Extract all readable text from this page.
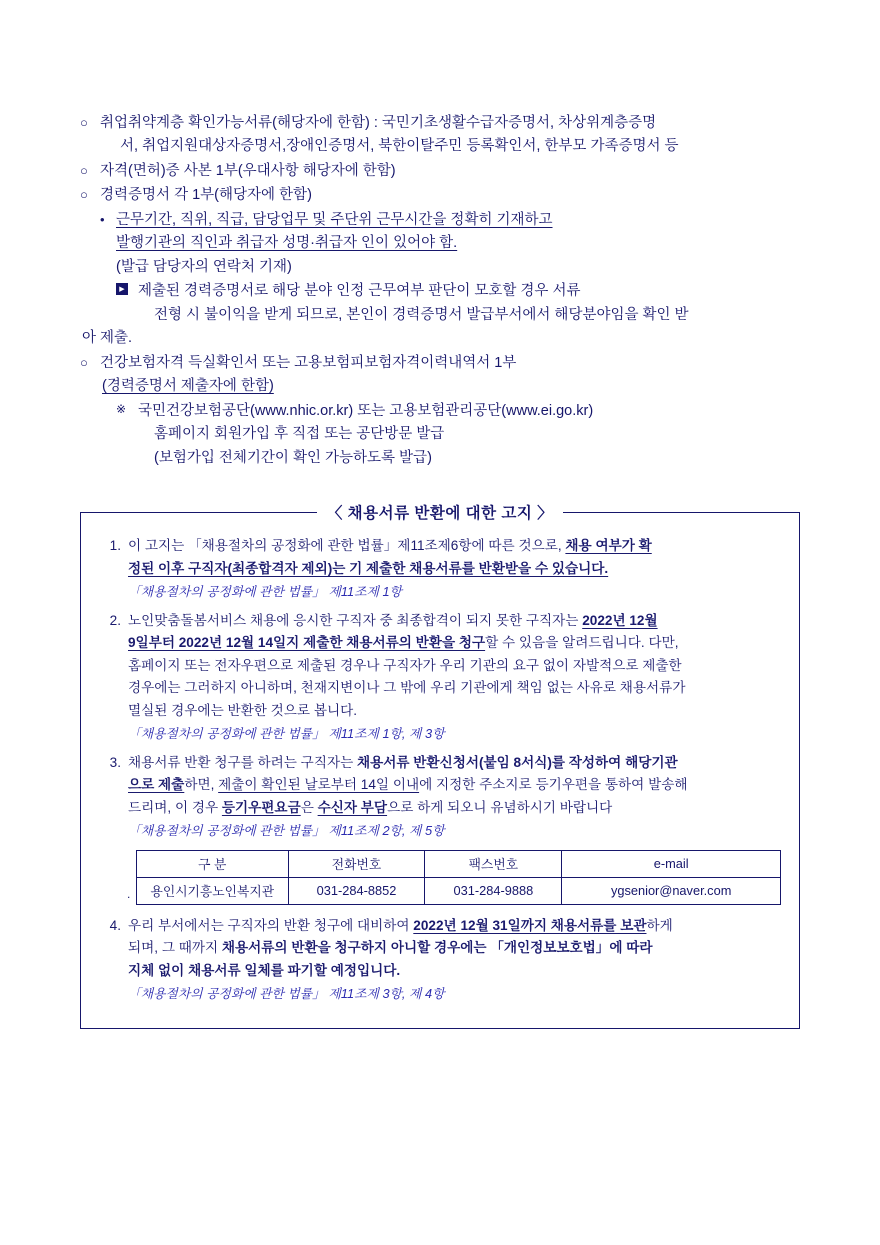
○ 취업취약계층 확인가능서류(해당자에 한함) : 국민기초생활수급자증명서, 차상위계층증명
서, 취업지원대상자증명서,장애인증명서, 북한이탈주민 등록확인서, 한부모 가족증명서 등
○ 자격(면허)증 사본 1부(우대사항 해당자에 한함)
○ 경력증명서 각 1부(해당자에 한함)
• 근무기간, 직위, 직급, 담당업무 및 주단위 근무시간을 정확히 기재하고
발행기관의 직인과 취급자 성명·취급자 인이 있어야 함.
(발급 담당자의 연락처 기재)
▶
제출된 경력증명서로 해당 분야 인정 근무여부 판단이 모호할 경우 서류
전형 시 불이익을 받게 되므로, 본인이 경력증명서 발급부서에서 해당분야임을 확인 받
아 제출.
○ 건강보험자격 득실확인서 또는 고용보험피보험자격이력내역서 1부
(경력증명서 제출자에 한함)
※ 국민건강보험공단(www.nhic.or.kr) 또는 고용보험관리공단(www.ei.go.kr)
홈페이지 회원가입 후 직접 또는 공단방문 발급
(보험가입 전체기간이 확인 가능하도록 발급)
〈 채용서류 반환에 대한 고지 〉
1. 이 고지는 「채용절차의 공정화에 관한 법률」제11조제6항에 따른 것으로, 채용 여부가 확
정된 이후 구직자(최종합격자 제외)는 기 제출한 채용서류를 반환받을 수 있습니다.
「채용절차의 공정화에 관한 법률」 제11조제 1항
2. 노인맞춤돌봄서비스 채용에 응시한 구직자 중 최종합격이 되지 못한 구직자는 2022년 12월
9일부터 2022년 12월 14일지 제출한 채용서류의 반환을 청구할 수 있음을 알려드립니다. 다만,
홈페이지 또는 전자우편으로 제출된 경우나 구직자가 우리 기관의 요구 없이 자발적으로 제출한
경우에는 그러하지 아니하며, 천재지변이나 그 밖에 우리 기관에게 책임 없는 사유로 채용서류가
멸실된 경우에는 반환한 것으로 봅니다.
「채용절차의 공정화에 관한 법률」 제11조제 1항, 제 3항
3. 채용서류 반환 청구를 하려는 구직자는 채용서류 반환신청서(붙임 8서식)를 작성하여 해당기관
으로 제출하면, 제출이 확인된 날로부터 14일 이내에 지정한 주소지로 등기우편을 통하여 발송해
드리며, 이 경우 등기우편요금은 수신자 부담으로 하게 되오니 유념하시기 바랍니다
「채용절차의 공정화에 관한 법률」 제11조제 2항, 제 5항
.
구 분	전화번호	팩스번호	e-mail
용인시기흥노인복지관	031-284-8852	031-284-9888	ygsenior@naver.com
4. 우리 부서에서는 구직자의 반환 청구에 대비하여 2022년 12월 31일까지 채용서류를 보관하게
되며, 그 때까지 채용서류의 반환을 청구하지 아니할 경우에는 「개인정보보호법」에 따라
지체 없이 채용서류 일체를 파기할 예정입니다.
「채용절차의 공정화에 관한 법률」 제11조제 3항, 제 4항
